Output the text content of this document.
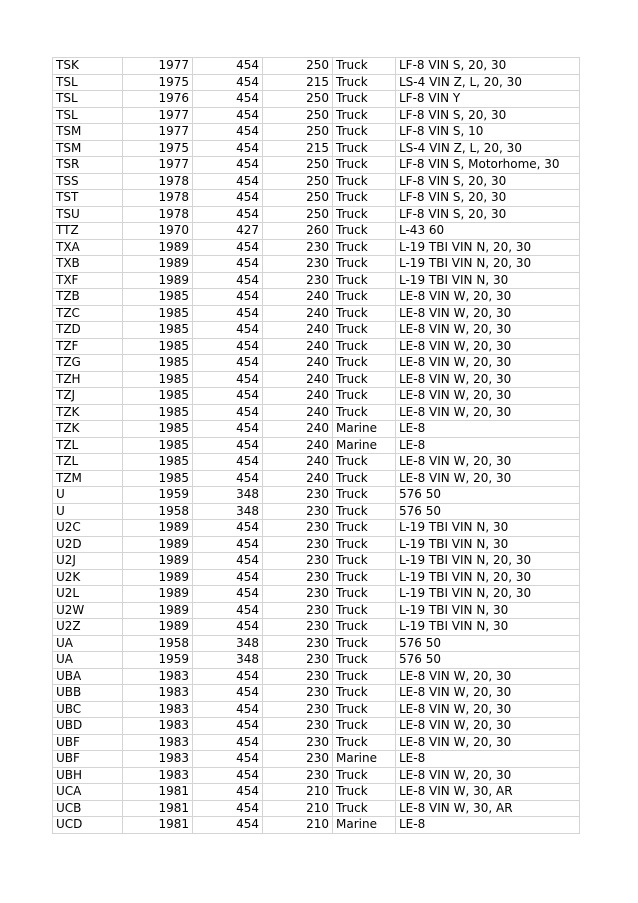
TSK	1977	454	250	Truck	LF-8 VIN S, 20, 30
TSL	1975	454	215	Truck	LS-4 VIN Z, L, 20, 30
TSL	1976	454	250	Truck	LF-8 VIN Y
TSL	1977	454	250	Truck	LF-8 VIN S, 20, 30
TSM	1977	454	250	Truck	LF-8 VIN S, 10
TSM	1975	454	215	Truck	LS-4 VIN Z, L, 20, 30
TSR	1977	454	250	Truck	LF-8 VIN S, Motorhome, 30
TSS	1978	454	250	Truck	LF-8 VIN S, 20, 30
TST	1978	454	250	Truck	LF-8 VIN S, 20, 30
TSU	1978	454	250	Truck	LF-8 VIN S, 20, 30
TTZ	1970	427	260	Truck	L-43 60
TXA	1989	454	230	Truck	L-19 TBI VIN N, 20, 30
TXB	1989	454	230	Truck	L-19 TBI VIN N, 20, 30
TXF	1989	454	230	Truck	L-19 TBI VIN N, 30
TZB	1985	454	240	Truck	LE-8 VIN W, 20, 30
TZC	1985	454	240	Truck	LE-8 VIN W, 20, 30
TZD	1985	454	240	Truck	LE-8 VIN W, 20, 30
TZF	1985	454	240	Truck	LE-8 VIN W, 20, 30
TZG	1985	454	240	Truck	LE-8 VIN W, 20, 30
TZH	1985	454	240	Truck	LE-8 VIN W, 20, 30
TZJ	1985	454	240	Truck	LE-8 VIN W, 20, 30
TZK	1985	454	240	Truck	LE-8 VIN W, 20, 30
TZK	1985	454	240	Marine	LE-8
TZL	1985	454	240	Marine	LE-8
TZL	1985	454	240	Truck	LE-8 VIN W, 20, 30
TZM	1985	454	240	Truck	LE-8 VIN W, 20, 30
U	1959	348	230	Truck	576 50
U	1958	348	230	Truck	576 50
U2C	1989	454	230	Truck	L-19 TBI VIN N, 30
U2D	1989	454	230	Truck	L-19 TBI VIN N, 30
U2J	1989	454	230	Truck	L-19 TBI VIN N, 20, 30
U2K	1989	454	230	Truck	L-19 TBI VIN N, 20, 30
U2L	1989	454	230	Truck	L-19 TBI VIN N, 20, 30
U2W	1989	454	230	Truck	L-19 TBI VIN N, 30
U2Z	1989	454	230	Truck	L-19 TBI VIN N, 30
UA	1958	348	230	Truck	576 50
UA	1959	348	230	Truck	576 50
UBA	1983	454	230	Truck	LE-8 VIN W, 20, 30
UBB	1983	454	230	Truck	LE-8 VIN W, 20, 30
UBC	1983	454	230	Truck	LE-8 VIN W, 20, 30
UBD	1983	454	230	Truck	LE-8 VIN W, 20, 30
UBF	1983	454	230	Truck	LE-8 VIN W, 20, 30
UBF	1983	454	230	Marine	LE-8
UBH	1983	454	230	Truck	LE-8 VIN W, 20, 30
UCA	1981	454	210	Truck	LE-8 VIN W, 30, AR
UCB	1981	454	210	Truck	LE-8 VIN W, 30, AR
UCD	1981	454	210	Marine	LE-8
